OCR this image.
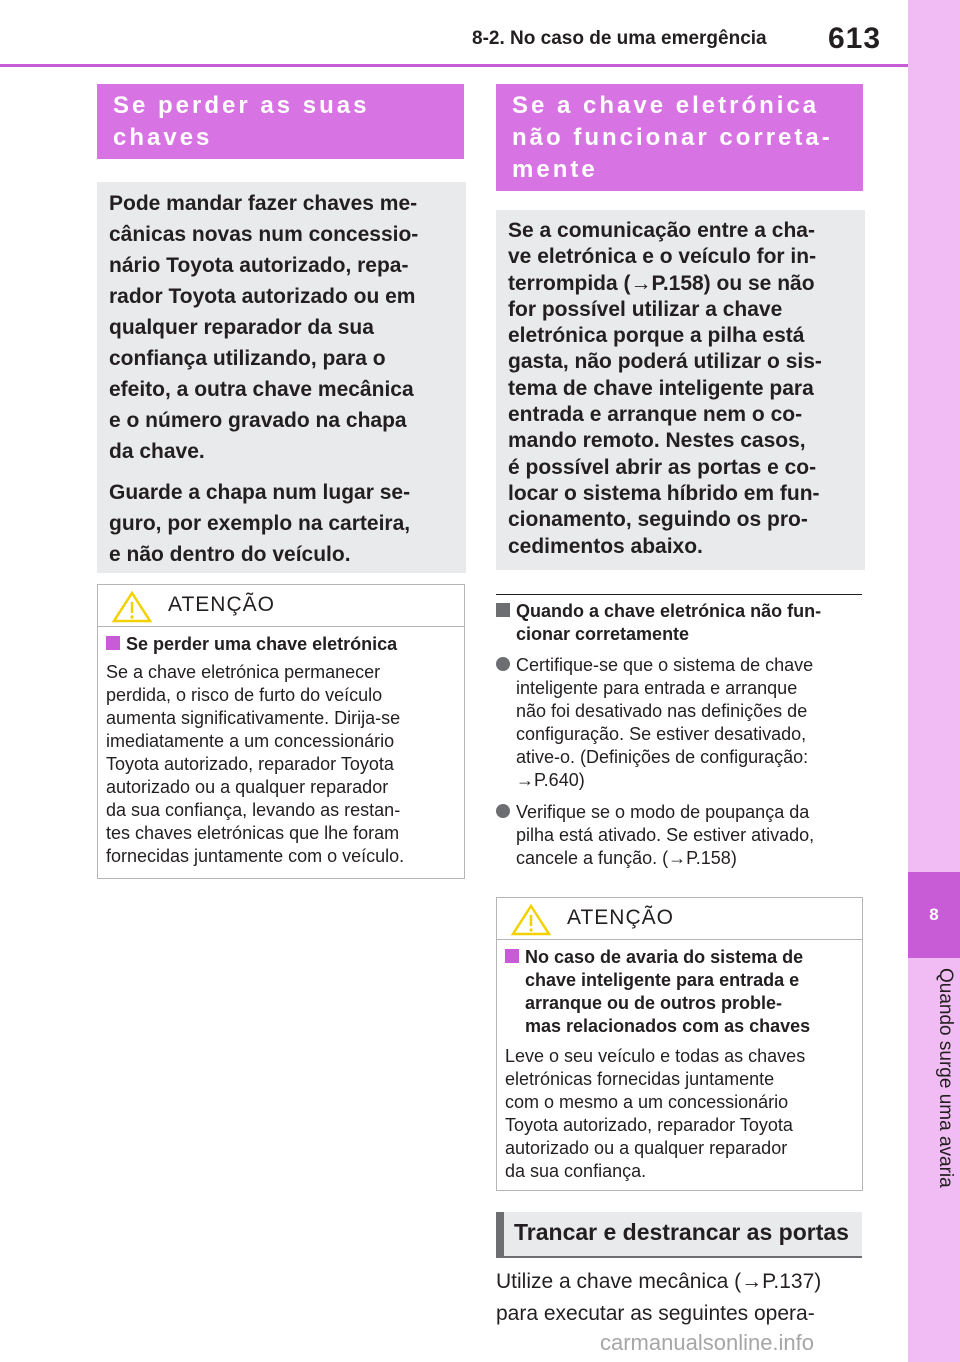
8-2. No caso de uma emergência 613
8
Quando surge uma avaria
Se perder as suas
chaves
Pode mandar fazer chaves me-
cânicas novas num concessio-
nário Toyota autorizado, repa-
rador Toyota autorizado ou em
qualquer reparador da sua
confiança utilizando, para o
efeito, a outra chave mecânica
e o número gravado na chapa
da chave.
Guarde a chapa num lugar se-
guro, por exemplo na carteira,
e não dentro do veículo.
ATENÇÃO
Se perder uma chave eletrónica
Se a chave eletrónica permanecer
perdida, o risco de furto do veículo
aumenta significativamente. Dirija-se
imediatamente a um concessionário
Toyota autorizado, reparador Toyota
autorizado ou a qualquer reparador
da sua confiança, levando as restan-
tes chaves eletrónicas que lhe foram
fornecidas juntamente com o veículo.
Se a chave eletrónica
não funcionar correta-
mente
Se a comunicação entre a cha-
ve eletrónica e o veículo for in-
terrompida (→P.158) ou se não
for possível utilizar a chave
eletrónica porque a pilha está
gasta, não poderá utilizar o sis-
tema de chave inteligente para
entrada e arranque nem o co-
mando remoto. Nestes casos,
é possível abrir as portas e co-
locar o sistema híbrido em fun-
cionamento, seguindo os pro-
cedimentos abaixo.
Quando a chave eletrónica não fun-
cionar corretamente
Certifique-se que o sistema de chave
inteligente para entrada e arranque
não foi desativado nas definições de
configuração. Se estiver desativado,
ative-o. (Definições de configuração:
→P.640)
Verifique se o modo de poupança da
pilha está ativado. Se estiver ativado,
cancele a função. (→P.158)
ATENÇÃO
No caso de avaria do sistema de
chave inteligente para entrada e
arranque ou de outros proble-
mas relacionados com as chaves
Leve o seu veículo e todas as chaves
eletrónicas fornecidas juntamente
com o mesmo a um concessionário
Toyota autorizado, reparador Toyota
autorizado ou a qualquer reparador
da sua confiança.
Trancar e destrancar as portas
Utilize a chave mecânica (→P.137)
para executar as seguintes opera-
carmanualsonline.info
